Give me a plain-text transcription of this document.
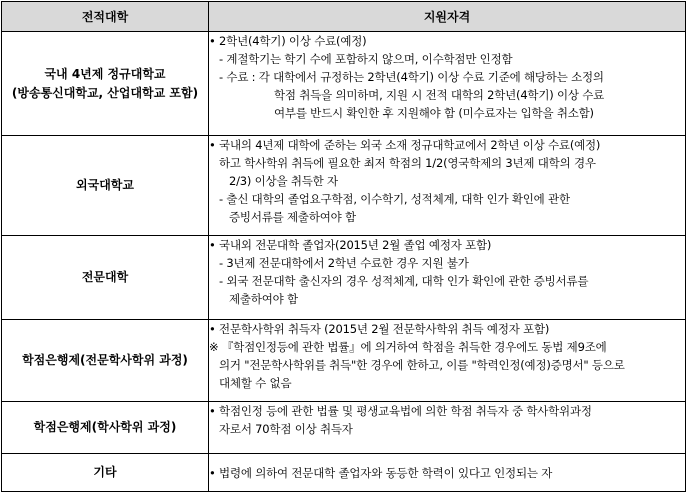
전적대학	지원자격

국내 4년제 정규대학교
(방송통신대학교, 산업대학교 포함)	• 2학년(4학기) 이상 수료(예정)
- 계절학기는 학기 수에 포함하지 않으며, 이수학점만 인정함
- 수료 : 각 대학에서 규정하는 2학년(4학기) 이상 수료 기준에 해당하는 소정의
학점 취득을 의미하며, 지원 시 전적 대학의 2학년(4학기) 이상 수료
여부를 반드시 확인한 후 지원해야 함 (미수료자는 입학을 취소함)

외국대학교	• 국내의 4년제 대학에 준하는 외국 소재 정규대학교에서 2학년 이상 수료(예정)
하고 학사학위 취득에 필요한 최저 학점의 1/2(영국학제의 3년제 대학의 경우
2/3) 이상을 취득한 자
- 출신 대학의 졸업요구학점, 이수학기, 성적체계, 대학 인가 확인에 관한
증빙서류를 제출하여야 함

전문대학	• 국내외 전문대학 졸업자(2015년 2월 졸업 예정자 포함)
- 3년제 전문대학에서 2학년 수료한 경우 지원 불가
- 외국 전문대학 출신자의 경우 성적체계, 대학 인가 확인에 관한 증빙서류를
제출하여야 함

학점은행제(전문학사학위 과정)	• 전문학사학위 취득자 (2015년 2월 전문학사학위 취득 예정자 포함)
※ 『학점인정등에 관한 법률』에 의거하여 학점을 취득한 경우에도 동법 제9조에
의거 "전문학사학위를 취득"한 경우에 한하고, 이를 "학력인정(예정)증명서" 등으로
대체할 수 없음

학점은행제(학사학위 과정)	• 학점인정 등에 관한 법률 및 평생교육법에 의한 학점 취득자 중 학사학위과정
자로서 70학점 이상 취득자

기타	• 법령에 의하여 전문대학 졸업자와 동등한 학력이 있다고 인정되는 자
